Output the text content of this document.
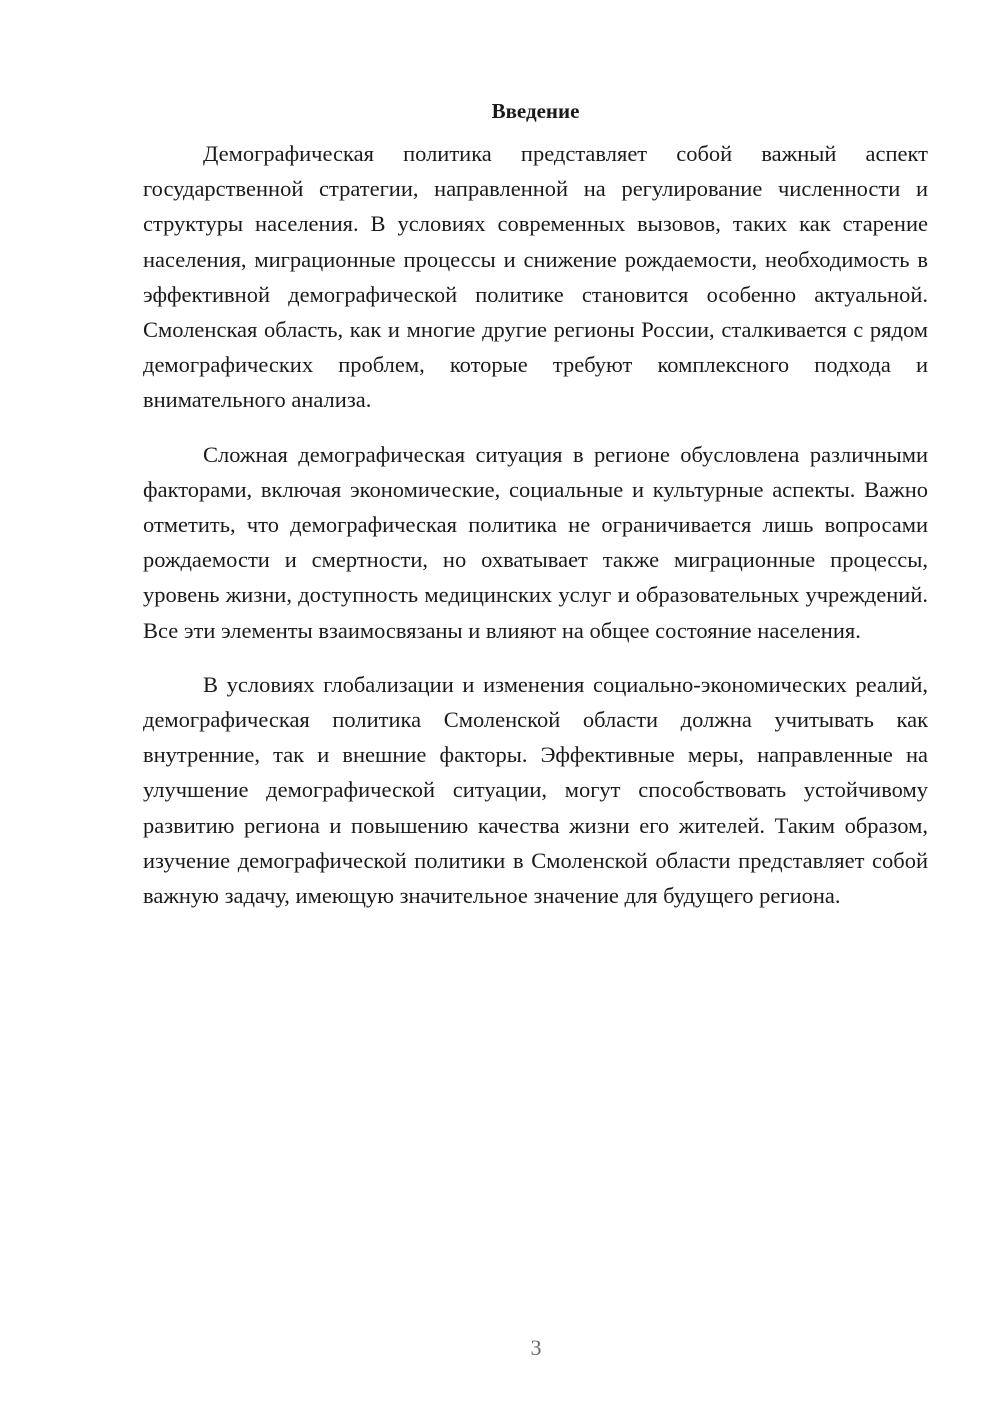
Введение

Демографическая политика представляет собой важный аспект государственной стратегии, направленной на регулирование численности и структуры населения. В условиях современных вызовов, таких как старение населения, миграционные процессы и снижение рождаемости, необходимость в эффективной демографической политике становится особенно актуальной. Смоленская область, как и многие другие регионы России, сталкивается с рядом демографических проблем, которые требуют комплексного подхода и внимательного анализа.

Сложная демографическая ситуация в регионе обусловлена различными факторами, включая экономические, социальные и культурные аспекты. Важно отметить, что демографическая политика не ограничивается лишь вопросами рождаемости и смертности, но охватывает также миграционные процессы, уровень жизни, доступность медицинских услуг и образовательных учреждений. Все эти элементы взаимосвязаны и влияют на общее состояние населения.

В условиях глобализации и изменения социально-экономических реалий, демографическая политика Смоленской области должна учитывать как внутренние, так и внешние факторы. Эффективные меры, направленные на улучшение демографической ситуации, могут способствовать устойчивому развитию региона и повышению качества жизни его жителей. Таким образом, изучение демографической политики в Смоленской области представляет собой важную задачу, имеющую значительное значение для будущего региона.

3
